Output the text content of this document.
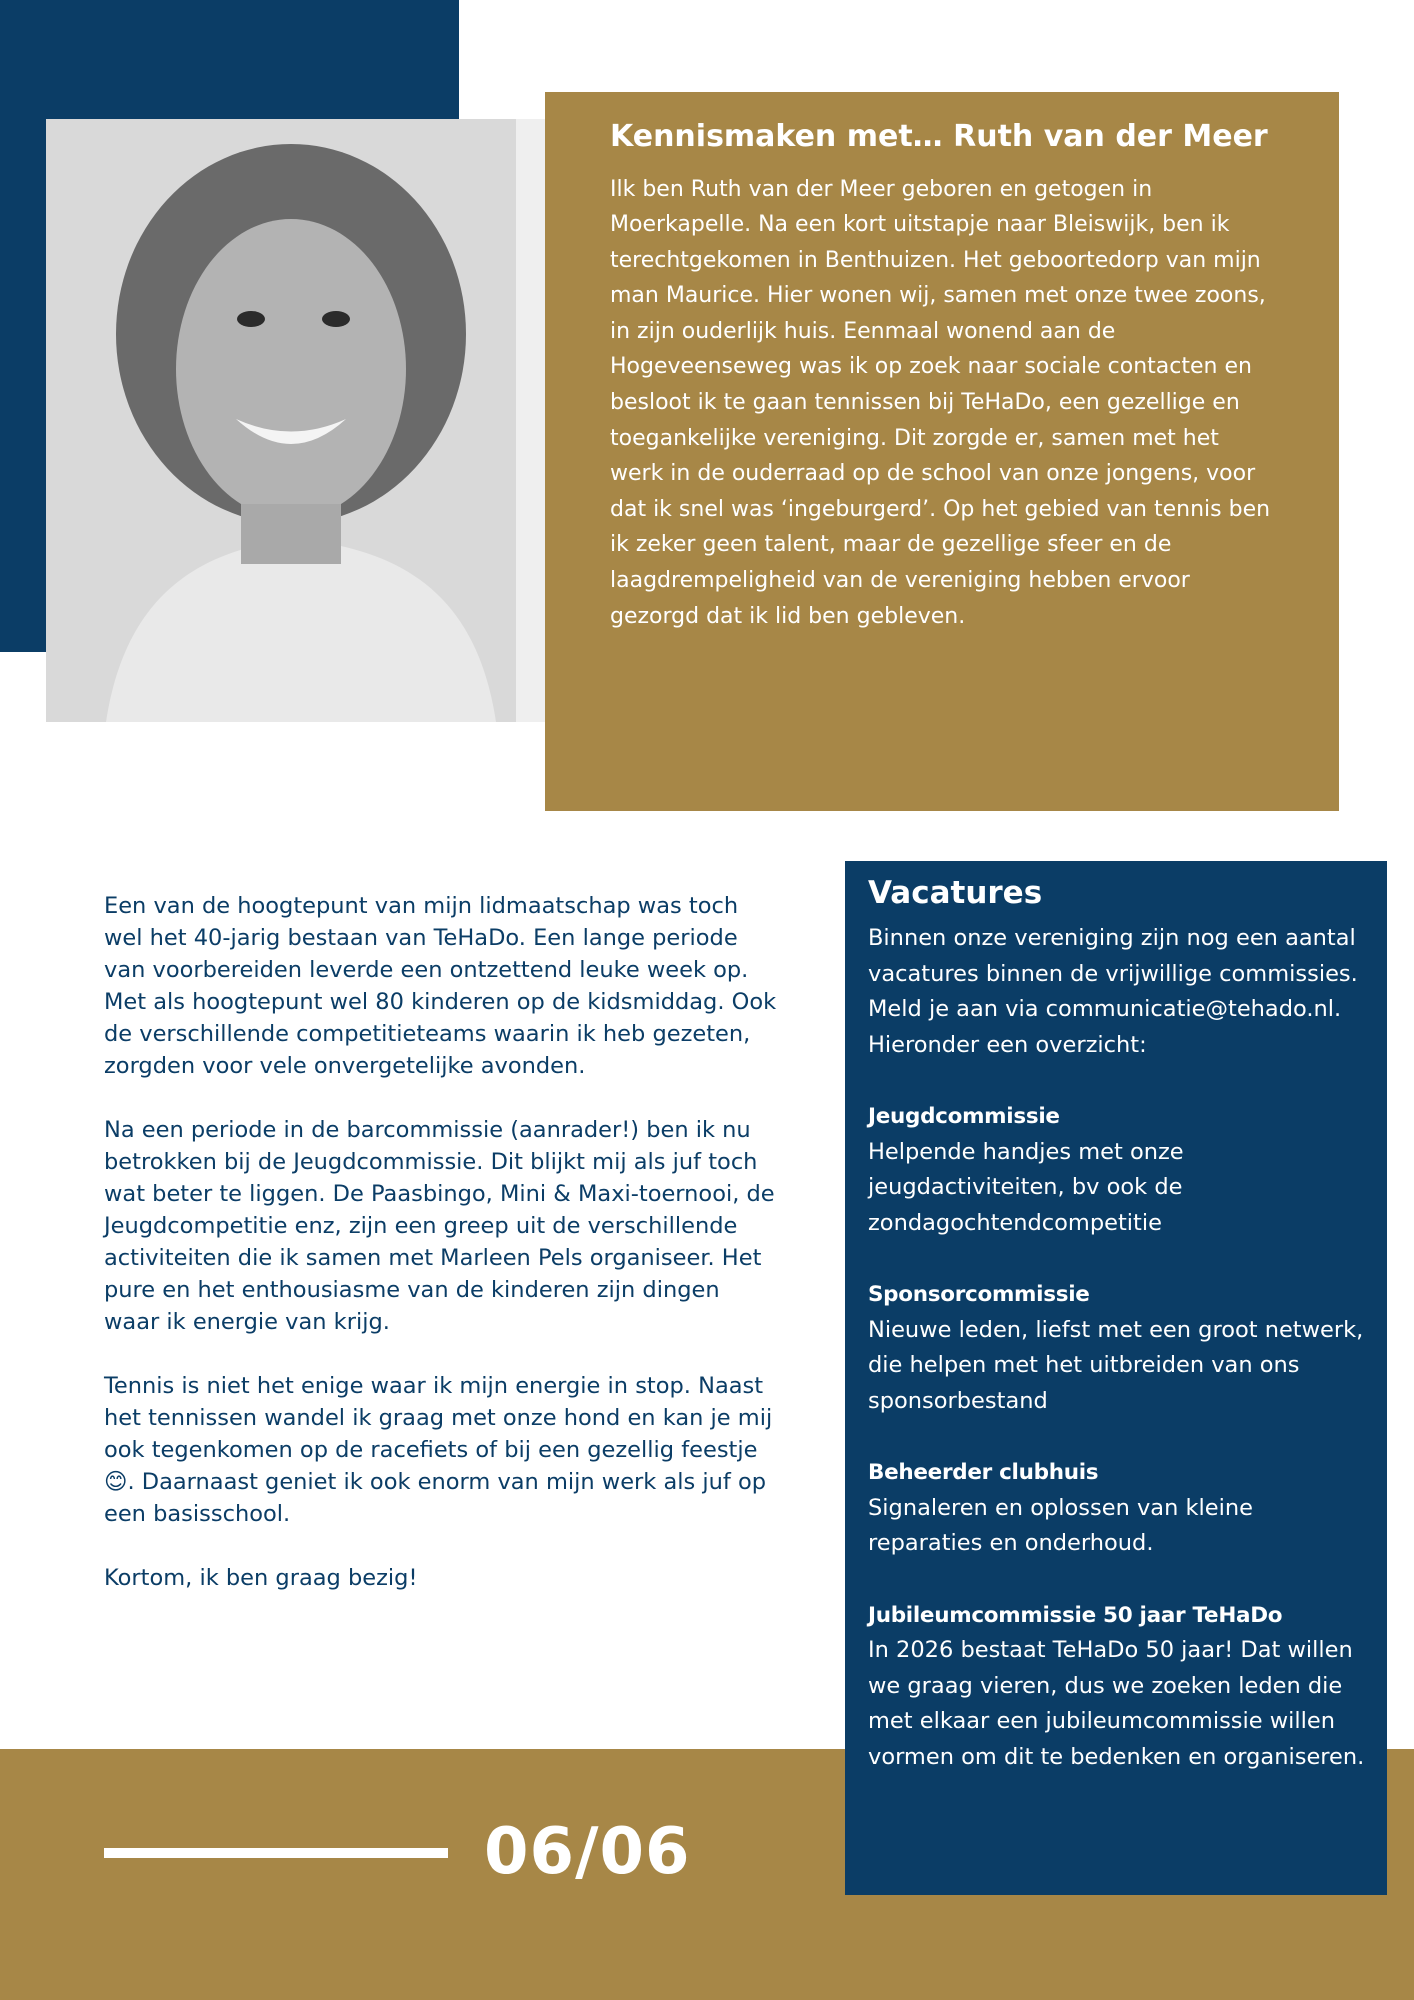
Kennismaken met… Ruth van der Meer

Ilk ben Ruth van der Meer geboren en getogen in Moerkapelle. Na een kort uitstapje naar Bleiswijk, ben ik terechtgekomen in Benthuizen. Het geboortedorp van mijn man Maurice. Hier wonen wij, samen met onze twee zoons, in zijn ouderlijk huis. Eenmaal wonend aan de Hogeveenseweg was ik op zoek naar sociale contacten en besloot ik te gaan tennissen bij TeHaDo, een gezellige en toegankelijke vereniging. Dit zorgde er, samen met het werk in de ouderraad op de school van onze jongens, voor dat ik snel was ‘ingeburgerd’. Op het gebied van tennis ben ik zeker geen talent, maar de gezellige sfeer en de laagdrempeligheid van de vereniging hebben ervoor gezorgd dat ik lid ben gebleven.

Een van de hoogtepunt van mijn lidmaatschap was toch wel het 40-jarig bestaan van TeHaDo. Een lange periode van voorbereiden leverde een ontzettend leuke week op. Met als hoogtepunt wel 80 kinderen op de kidsmiddag. Ook de verschillende competitieteams waarin ik heb gezeten, zorgden voor vele onvergetelijke avonden.

Na een periode in de barcommissie (aanrader!) ben ik nu betrokken bij de Jeugdcommissie. Dit blijkt mij als juf toch wat beter te liggen. De Paasbingo, Mini & Maxi-toernooi, de Jeugdcompetitie enz, zijn een greep uit de verschillende activiteiten die ik samen met Marleen Pels organiseer. Het pure en het enthousiasme van de kinderen zijn dingen waar ik energie van krijg.

Tennis is niet het enige waar ik mijn energie in stop. Naast het tennissen wandel ik graag met onze hond en kan je mij ook tegenkomen op de racefiets of bij een gezellig feestje 😊. Daarnaast geniet ik ook enorm van mijn werk als juf op een basisschool.

Kortom, ik ben graag bezig!

06/06
Vacatures

Binnen onze vereniging zijn nog een aantal vacatures binnen de vrijwillige commissies. Meld je aan via communicatie@tehado.nl. Hieronder een overzicht:

Jeugdcommissie
Helpende handjes met onze jeugdactiviteiten, bv ook de zondagochtendcompetitie

Sponsorcommissie
Nieuwe leden, liefst met een groot netwerk, die helpen met het uitbreiden van ons sponsorbestand

Beheerder clubhuis
Signaleren en oplossen van kleine reparaties en onderhoud.

Jubileumcommissie 50 jaar TeHaDo
In 2026 bestaat TeHaDo 50 jaar! Dat willen we graag vieren, dus we zoeken leden die met elkaar een jubileumcommissie willen vormen om dit te bedenken en organiseren.
